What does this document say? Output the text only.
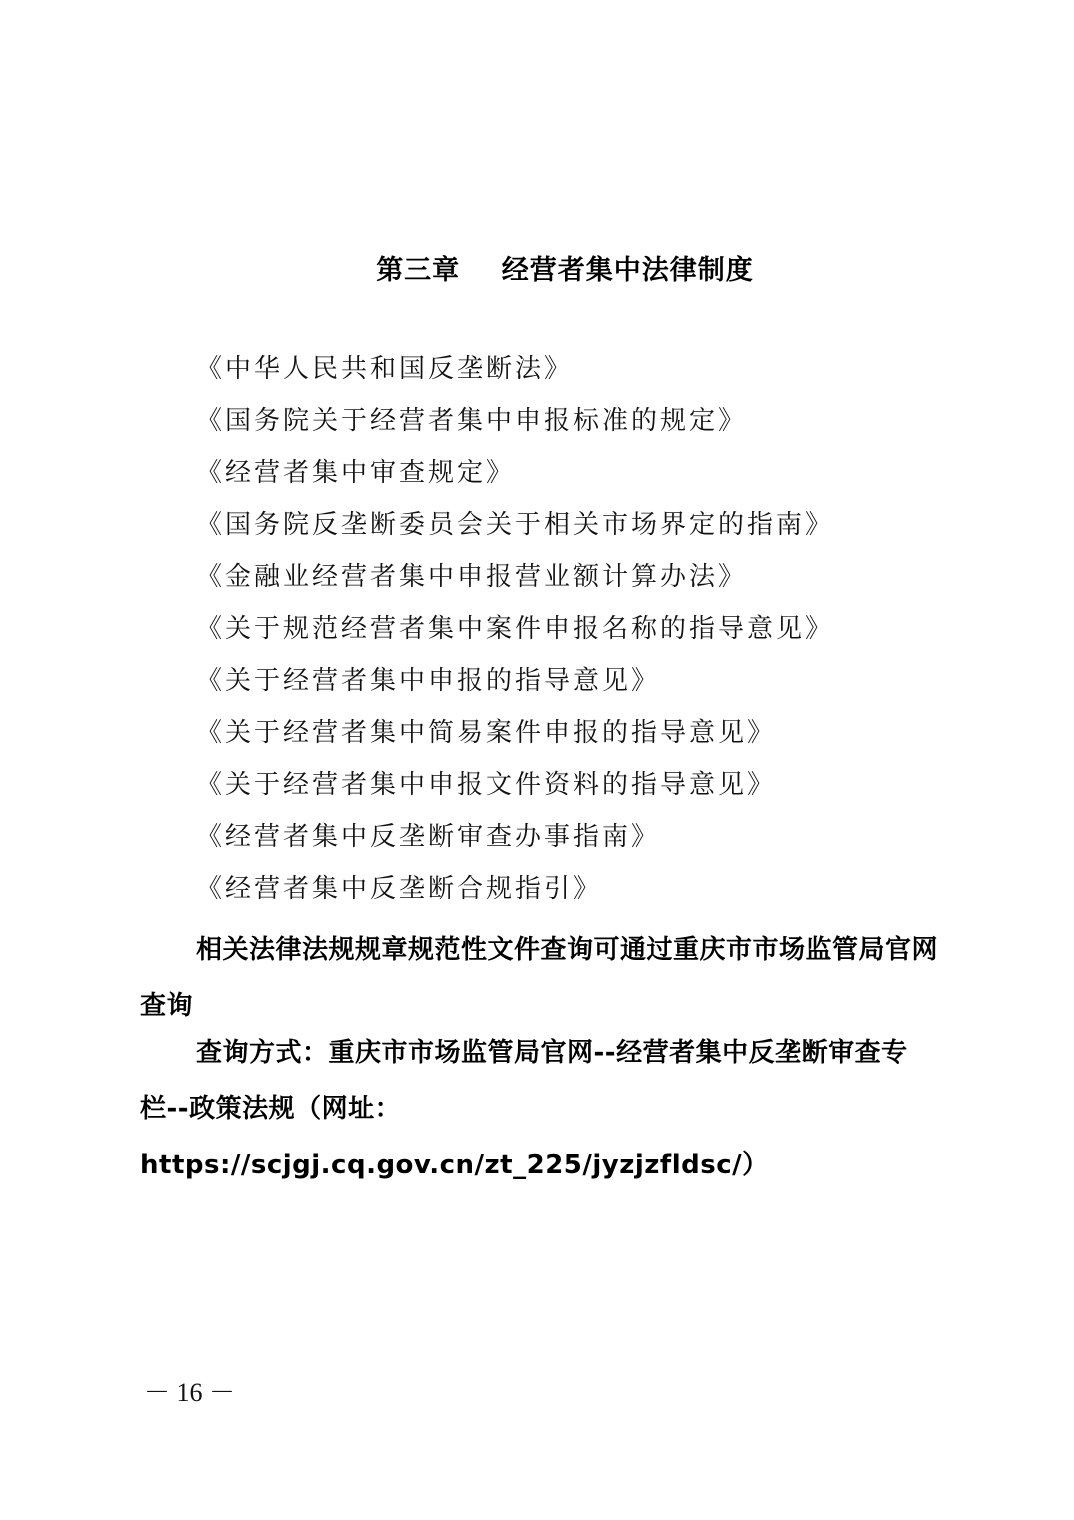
第三章    经营者集中法律制度
《中华人民共和国反垄断法》
《国务院关于经营者集中申报标准的规定》
《经营者集中审查规定》
《国务院反垄断委员会关于相关市场界定的指南》
《金融业经营者集中申报营业额计算办法》
《关于规范经营者集中案件申报名称的指导意见》
《关于经营者集中申报的指导意见》
《关于经营者集中简易案件申报的指导意见》
《关于经营者集中申报文件资料的指导意见》
《经营者集中反垄断审查办事指南》
《经营者集中反垄断合规指引》

相关法律法规规章规范性文件查询可通过重庆市市场监管局官网查询

查询方式：重庆市市场监管局官网--经营者集中反垄断审查专栏--政策法规（网址：https://scjgj.cq.gov.cn/zt_225/jyzjzfldsc/）

－ 16 －
